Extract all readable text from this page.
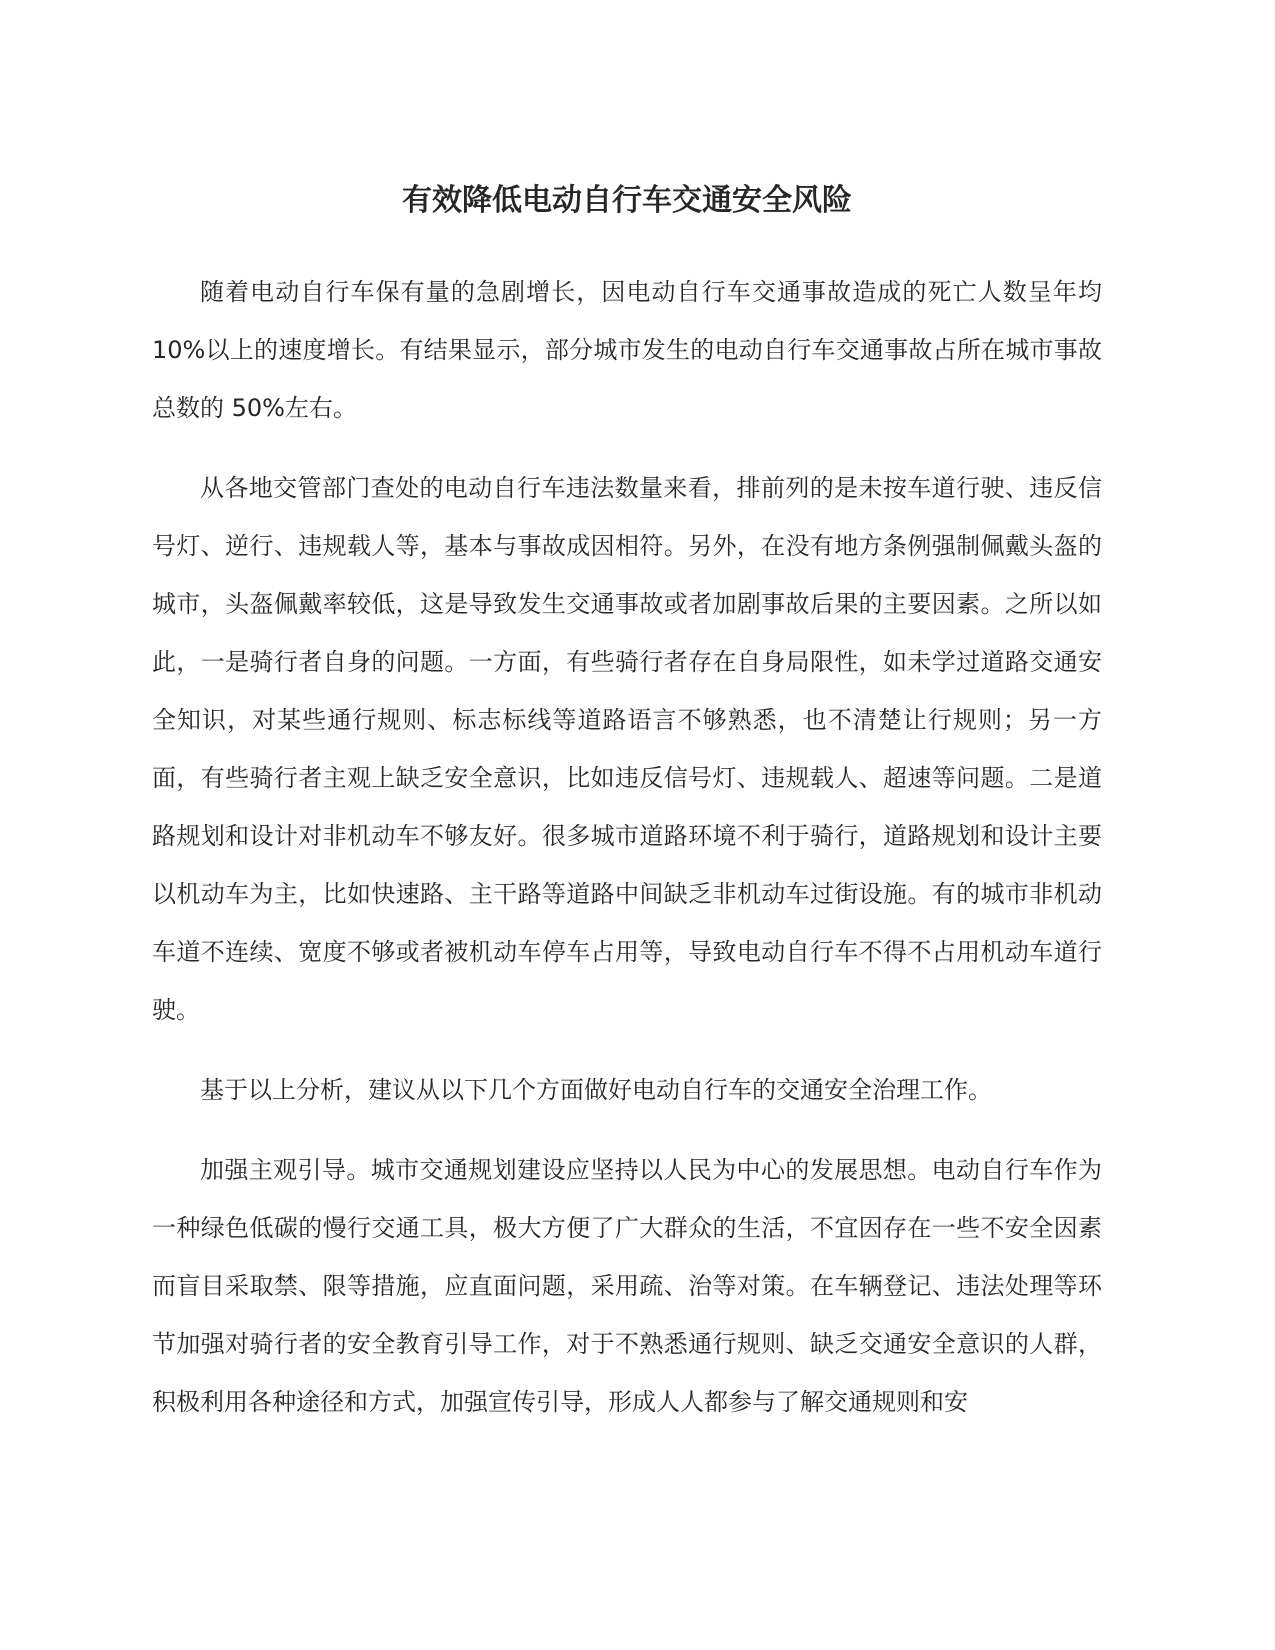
有效降低电动自行车交通安全风险

随着电动自行车保有量的急剧增长，因电动自行车交通事故造成的死亡人数呈年均10%以上的速度增长。有结果显示，部分城市发生的电动自行车交通事故占所在城市事故总数的 50%左右。

从各地交管部门查处的电动自行车违法数量来看，排前列的是未按车道行驶、违反信号灯、逆行、违规载人等，基本与事故成因相符。另外，在没有地方条例强制佩戴头盔的城市，头盔佩戴率较低，这是导致发生交通事故或者加剧事故后果的主要因素。之所以如此，一是骑行者自身的问题。一方面，有些骑行者存在自身局限性，如未学过道路交通安全知识，对某些通行规则、标志标线等道路语言不够熟悉，也不清楚让行规则；另一方面，有些骑行者主观上缺乏安全意识，比如违反信号灯、违规载人、超速等问题。二是道路规划和设计对非机动车不够友好。很多城市道路环境不利于骑行，道路规划和设计主要以机动车为主，比如快速路、主干路等道路中间缺乏非机动车过街设施。有的城市非机动车道不连续、宽度不够或者被机动车停车占用等，导致电动自行车不得不占用机动车道行驶。

基于以上分析，建议从以下几个方面做好电动自行车的交通安全治理工作。

加强主观引导。城市交通规划建设应坚持以人民为中心的发展思想。电动自行车作为一种绿色低碳的慢行交通工具，极大方便了广大群众的生活，不宜因存在一些不安全因素而盲目采取禁、限等措施，应直面问题，采用疏、治等对策。在车辆登记、违法处理等环节加强对骑行者的安全教育引导工作，对于不熟悉通行规则、缺乏交通安全意识的人群，积极利用各种途径和方式，加强宣传引导，形成人人都参与了解交通规则和安
